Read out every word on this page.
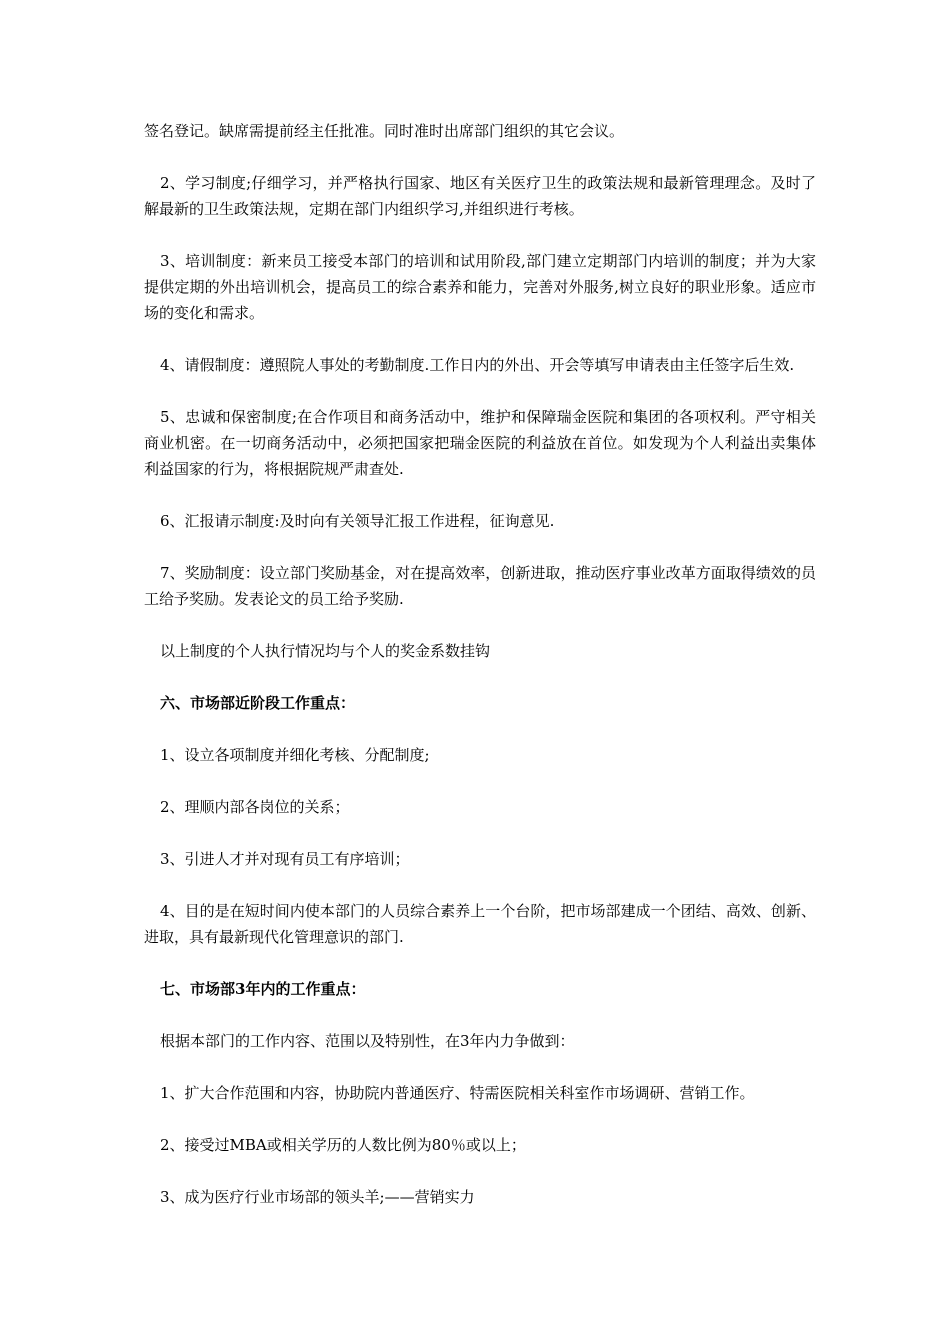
签名登记。缺席需提前经主任批准。同时准时出席部门组织的其它会议。

2、学习制度;仔细学习，并严格执行国家、地区有关医疗卫生的政策法规和最新管理理念。及时了解最新的卫生政策法规，定期在部门内组织学习,并组织进行考核。

3、培训制度：新来员工接受本部门的培训和试用阶段,部门建立定期部门内培训的制度；并为大家提供定期的外出培训机会，提高员工的综合素养和能力，完善对外服务,树立良好的职业形象。适应市场的变化和需求。

4、请假制度：遵照院人事处的考勤制度.工作日内的外出、开会等填写申请表由主任签字后生效.

5、忠诚和保密制度;在合作项目和商务活动中，维护和保障瑞金医院和集团的各项权利。严守相关商业机密。在一切商务活动中，必须把国家把瑞金医院的利益放在首位。如发现为个人利益出卖集体利益国家的行为，将根据院规严肃查处.

6、汇报请示制度:及时向有关领导汇报工作进程，征询意见.

7、奖励制度：设立部门奖励基金，对在提高效率，创新进取，推动医疗事业改革方面取得绩效的员工给予奖励。发表论文的员工给予奖励.

以上制度的个人执行情况均与个人的奖金系数挂钩

六、市场部近阶段工作重点：

1、设立各项制度并细化考核、分配制度;

2、理顺内部各岗位的关系；

3、引进人才并对现有员工有序培训；

4、目的是在短时间内使本部门的人员综合素养上一个台阶，把市场部建成一个团结、高效、创新、进取，具有最新现代化管理意识的部门.

七、市场部3年内的工作重点：

根据本部门的工作内容、范围以及特别性，在3年内力争做到：

1、扩大合作范围和内容，协助院内普通医疗、特需医院相关科室作市场调研、营销工作。

2、接受过MBA或相关学历的人数比例为80％或以上；

3、成为医疗行业市场部的领头羊;——营销实力
